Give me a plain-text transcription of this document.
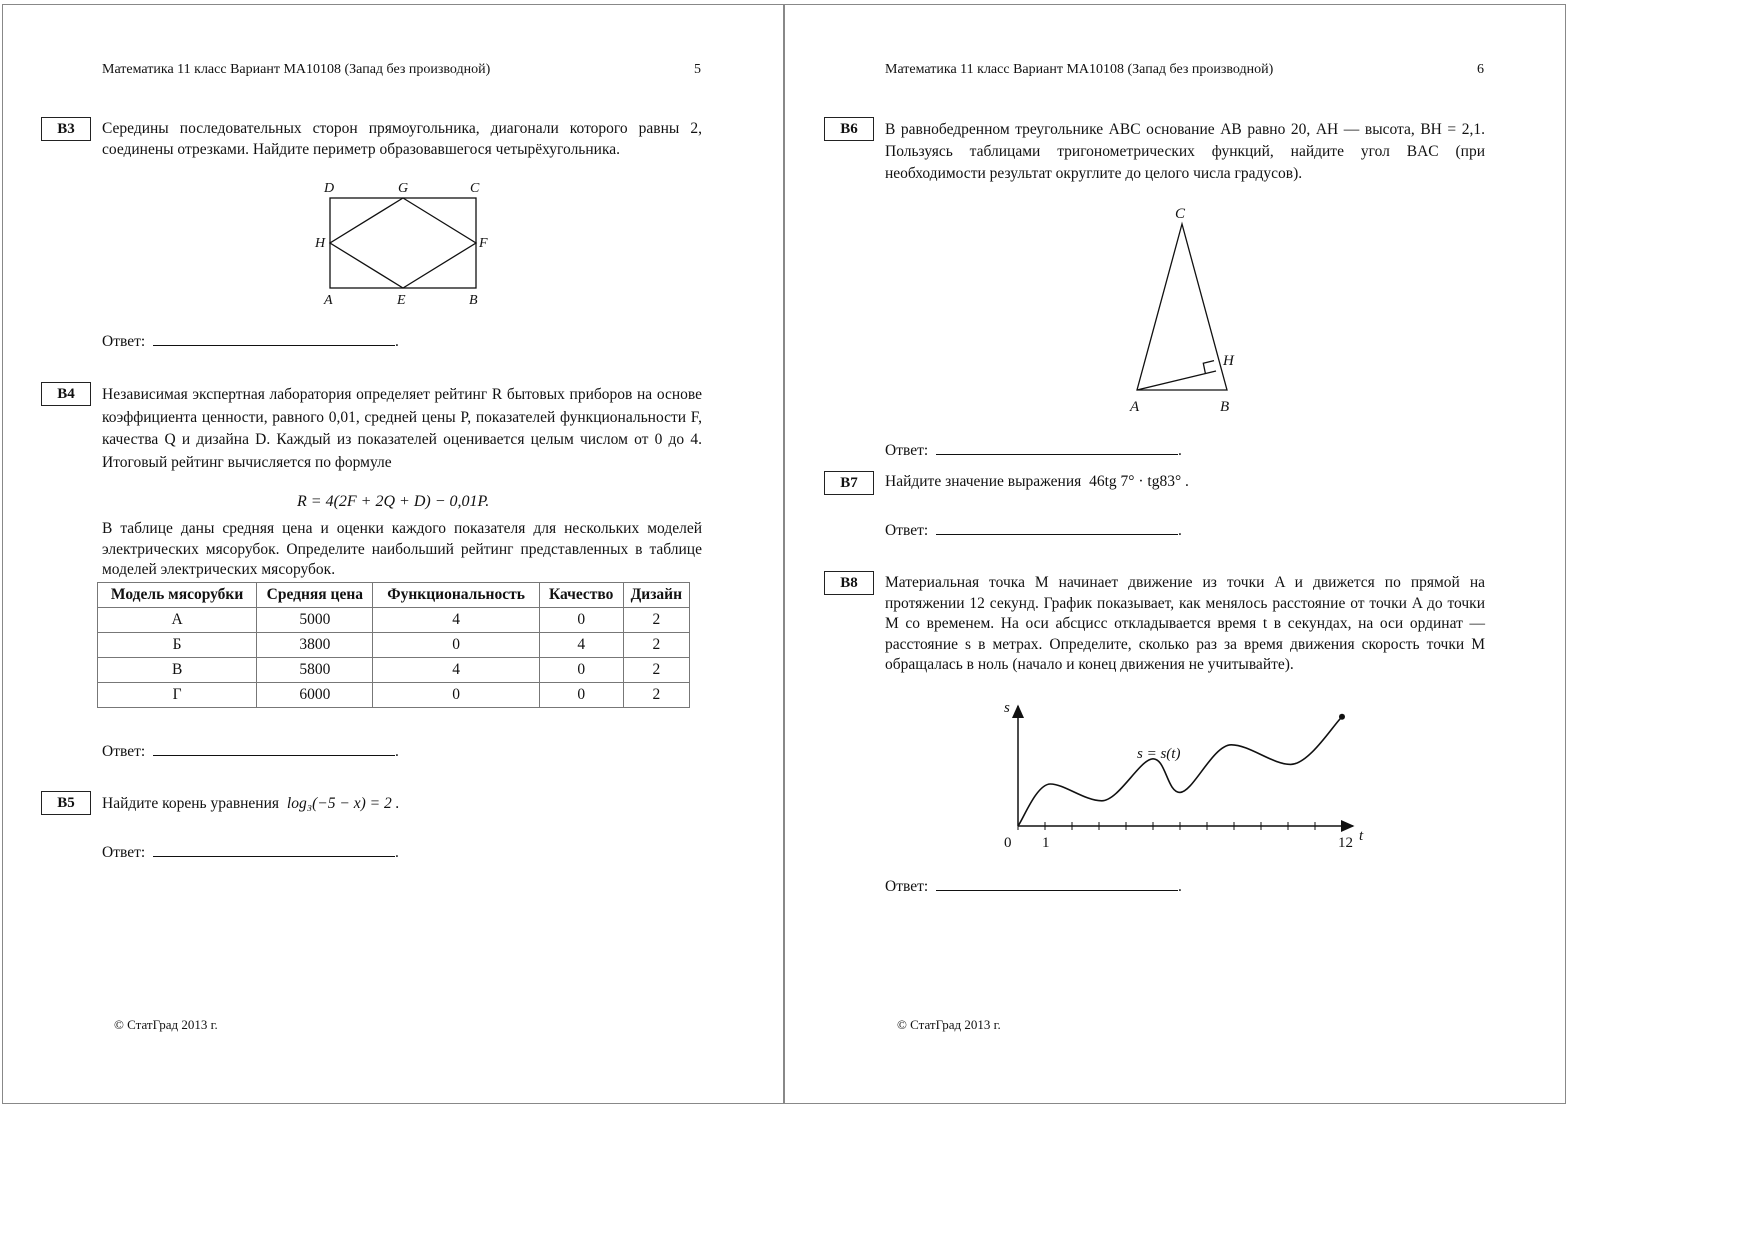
Математика 11 класс Вариант МА10108 (Запад без производной)	5
B3	Середины последовательных сторон прямоугольника, диагонали которого равны 2, соединены отрезками. Найдите периметр образовавшегося четырёхугольника.
D	G	C
H	F
A	E	B
Ответ:	.
B4	Независимая экспертная лаборатория определяет рейтинг R бытовых приборов на основе коэффициента ценности, равного 0,01, средней цены P, показателей функциональности F, качества Q и дизайна D. Каждый из показателей оценивается целым числом от 0 до 4. Итоговый рейтинг вычисляется по формуле
R = 4(2F + 2Q + D) − 0,01P.
В таблице даны средняя цена и оценки каждого показателя для нескольких моделей электрических мясорубок. Определите наибольший рейтинг представленных в таблице моделей электрических мясорубок.
Модель мясорубки	Средняя цена	Функциональность	Качество	Дизайн
А	5000	4	0	2
Б	3800	0	4	2
В	5800	4	0	2
Г	6000	0	0	2
Ответ:	.
B5	Найдите корень уравнения log₃(−5 − x) = 2 .
Ответ:	.
© СтатГрад 2013 г.
Математика 11 класс Вариант МА10108 (Запад без производной)	6
B6	В равнобедренном треугольнике ABC основание AB равно 20, AH — высота, BH = 2,1. Пользуясь таблицами тригонометрических функций, найдите угол BAC (при необходимости результат округлите до целого числа градусов).
C
H
A	B
Ответ:	.
B7	Найдите значение выражения 46tg 7° · tg83° .
Ответ:	.
B8	Материальная точка M начинает движение из точки A и движется по прямой на протяжении 12 секунд. График показывает, как менялось расстояние от точки A до точки M со временем. На оси абсцисс откладывается время t в секундах, на оси ординат — расстояние s в метрах. Определите, сколько раз за время движения скорость точки M обращалась в ноль (начало и конец движения не учитывайте).
s
t
s = s(t)
0 1	12
Ответ:	.
© СтатГрад 2013 г.
